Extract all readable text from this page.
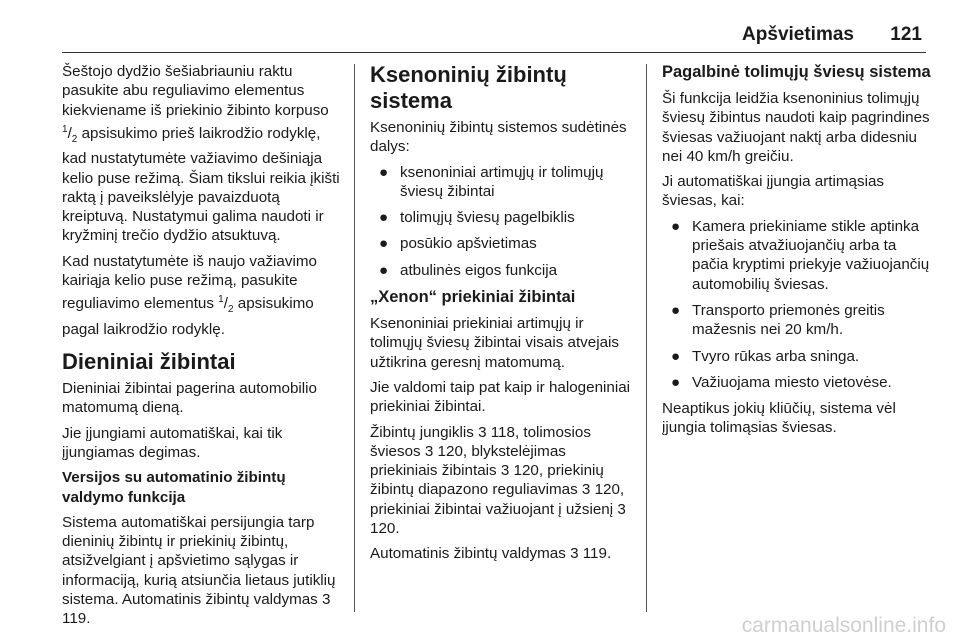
Apšvietimas 121

Šeštojo dydžio šešiabriauniu raktu pasukite abu reguliavimo elementus kiekviename iš priekinio žibinto korpuso $^1/_2$ apsisukimo prieš laikrodžio rodyklę, kad nustatytumėte važiavimo dešiniąja kelio puse režimą. Šiam tikslui reikia įkišti raktą į paveikslėlyje pavaizduotą kreiptuvą. Nustatymui galima naudoti ir kryžminį trečio dydžio atsuktuvą.

Kad nustatytumėte iš naujo važiavimo kairiąja kelio puse režimą, pasukite reguliavimo elementus $^1/_2$ apsisukimo pagal laikrodžio rodyklę.

Dieniniai žibintai

Dieniniai žibintai pagerina automobilio matomumą dieną.

Jie įjungiami automatiškai, kai tik įjungiamas degimas.

Versijos su automatinio žibintų valdymo funkcija

Sistema automatiškai persijungia tarp dieninių žibintų ir priekinių žibintų, atsižvelgiant į apšvietimo sąlygas ir informaciją, kurią atsiunčia lietaus jutiklių sistema. Automatinis žibintų valdymas 3 119.

Ksenoninių žibintų sistema

Ksenoninių žibintų sistemos sudėtinės dalys:

● ksenoniniai artimųjų ir tolimųjų šviesų žibintai
● tolimųjų šviesų pagelbiklis
● posūkio apšvietimas
● atbulinės eigos funkcija
„Xenon“ priekiniai žibintai

Ksenoniniai priekiniai artimųjų ir tolimųjų šviesų žibintai visais atvejais užtikrina geresnį matomumą.

Jie valdomi taip pat kaip ir halogeniniai priekiniai žibintai.

Žibintų jungiklis 3 118, tolimosios šviesos 3 120, blykstelėjimas priekiniais žibintais 3 120, priekinių žibintų diapazono reguliavimas 3 120, priekiniai žibintai važiuojant į užsienį 3 120.

Automatinis žibintų valdymas 3 119.

Pagalbinė tolimųjų šviesų sistema

Ši funkcija leidžia ksenoninius tolimųjų šviesų žibintus naudoti kaip pagrindines šviesas važiuojant naktį arba didesniu nei 40 km/h greičiu.

Ji automatiškai įjungia artimąsias šviesas, kai:

● Kamera priekiniame stikle aptinka priešais atvažiuojančių arba ta pačia kryptimi priekyje važiuojančių automobilių šviesas.
● Transporto priemonės greitis mažesnis nei 20 km/h.
● Tvyro rūkas arba sninga.
● Važiuojama miesto vietovėse.

Neaptikus jokių kliūčių, sistema vėl įjungia tolimąsias šviesas.

carmanualsonline.info
